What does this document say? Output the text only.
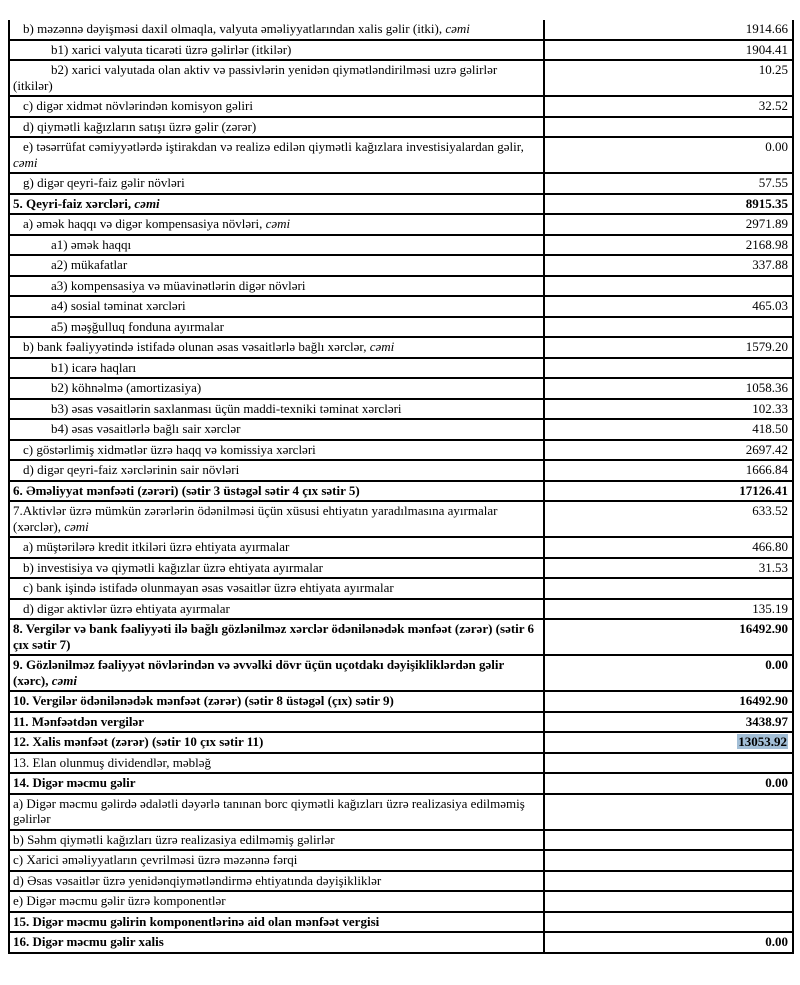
b) məzənnə dəyişməsi daxil olmaqla, valyuta əməliyyatlarından xalis gəlir (itki), cəmi	1914.66
b1) xarici valyuta ticarəti üzrə gəlirlər (itkilər)	1904.41
b2) xarici valyutada olan aktiv və passivlərin yenidən qiymətləndirilməsi uzrə gəlirlər (itkilər)	10.25
c) digər xidmət növlərindən komisyon gəliri	32.52
d) qiymətli kağızların satışı üzrə gəlir (zərər)	
e) təsərrüfat cəmiyyətlərdə iştirakdan və realizə edilən qiymətli kağızlara investisiyalardan gəlir, cəmi	0.00
g) digər qeyri-faiz gəlir növləri	57.55
5. Qeyri-faiz xərcləri, cəmi	8915.35
a) əmək haqqı və digər kompensasiya növləri, cəmi	2971.89
a1) əmək haqqı	2168.98
a2) mükafatlar	337.88
a3) kompensasiya və müavinətlərin digər növləri	
a4) sosial təminat xərcləri	465.03
a5) məşğulluq fonduna ayırmalar	
b) bank fəaliyyətində istifadə olunan əsas vəsaitlərlə bağlı xərclər, cəmi	1579.20
b1) icarə haqları	
b2) köhnəlmə (amortizasiya)	1058.36
b3) əsas vəsaitlərin saxlanması üçün maddi-texniki təminat xərcləri	102.33
b4) əsas vəsaitlərlə bağlı sair xərclər	418.50
c) göstərlimiş xidmətlər üzrə haqq və komissiya xərcləri	2697.42
d) digər qeyri-faiz xərclərinin sair növləri	1666.84
6. Əməliyyat mənfəəti (zərəri) (sətir 3 üstəgəl sətir 4 çıx sətir 5)	17126.41
7.Aktivlər üzrə mümkün zərərlərin ödənilməsi üçün xüsusi ehtiyatın yaradılmasına ayırmalar (xərclər), cəmi	633.52
a) müştərilərə kredit itkiləri üzrə ehtiyata ayırmalar	466.80
b) investisiya və qiymətli kağızlar üzrə ehtiyata ayırmalar	31.53
c) bank işində istifadə olunmayan əsas vəsaitlər üzrə ehtiyata ayırmalar	
d) digər aktivlər üzrə ehtiyata ayırmalar	135.19
8. Vergilər və bank fəaliyyəti ilə bağlı gözlənilməz xərclər ödənilənədək mənfəət (zərər) (sətir 6 çıx sətir 7)	16492.90
9. Gözlənilməz fəaliyyət növlərindən və əvvəlki dövr üçün uçotdakı dəyişikliklərdən gəlir (xərc), cəmi	0.00
10. Vergilər ödənilənədək mənfəət (zərər) (sətir 8 üstəgəl (çıx) sətir 9)	16492.90
11. Mənfəətdən vergilər	3438.97
12. Xalis mənfəət (zərər) (sətir 10 çıx sətir 11)	13053.92
13. Elan olunmuş dividendlər, məbləğ	
14. Digər məcmu gəlir	0.00
a) Digər məcmu gəlirdə ədalətli dəyərlə tanınan borc qiymətli kağızları üzrə realizasiya edilməmiş gəlirlər	
b) Səhm qiymətli kağızları üzrə realizasiya edilməmiş gəlirlər	
c) Xarici əməliyyatların çevrilməsi üzrə məzənnə fərqi	
d) Əsas vəsaitlər üzrə yenidənqiymətləndirmə ehtiyatında dəyişikliklər	
e) Digər məcmu gəlir üzrə komponentlər	
15. Digər məcmu gəlirin komponentlərinə aid olan mənfəət vergisi	
16. Digər məcmu gəlir xalis	0.00
